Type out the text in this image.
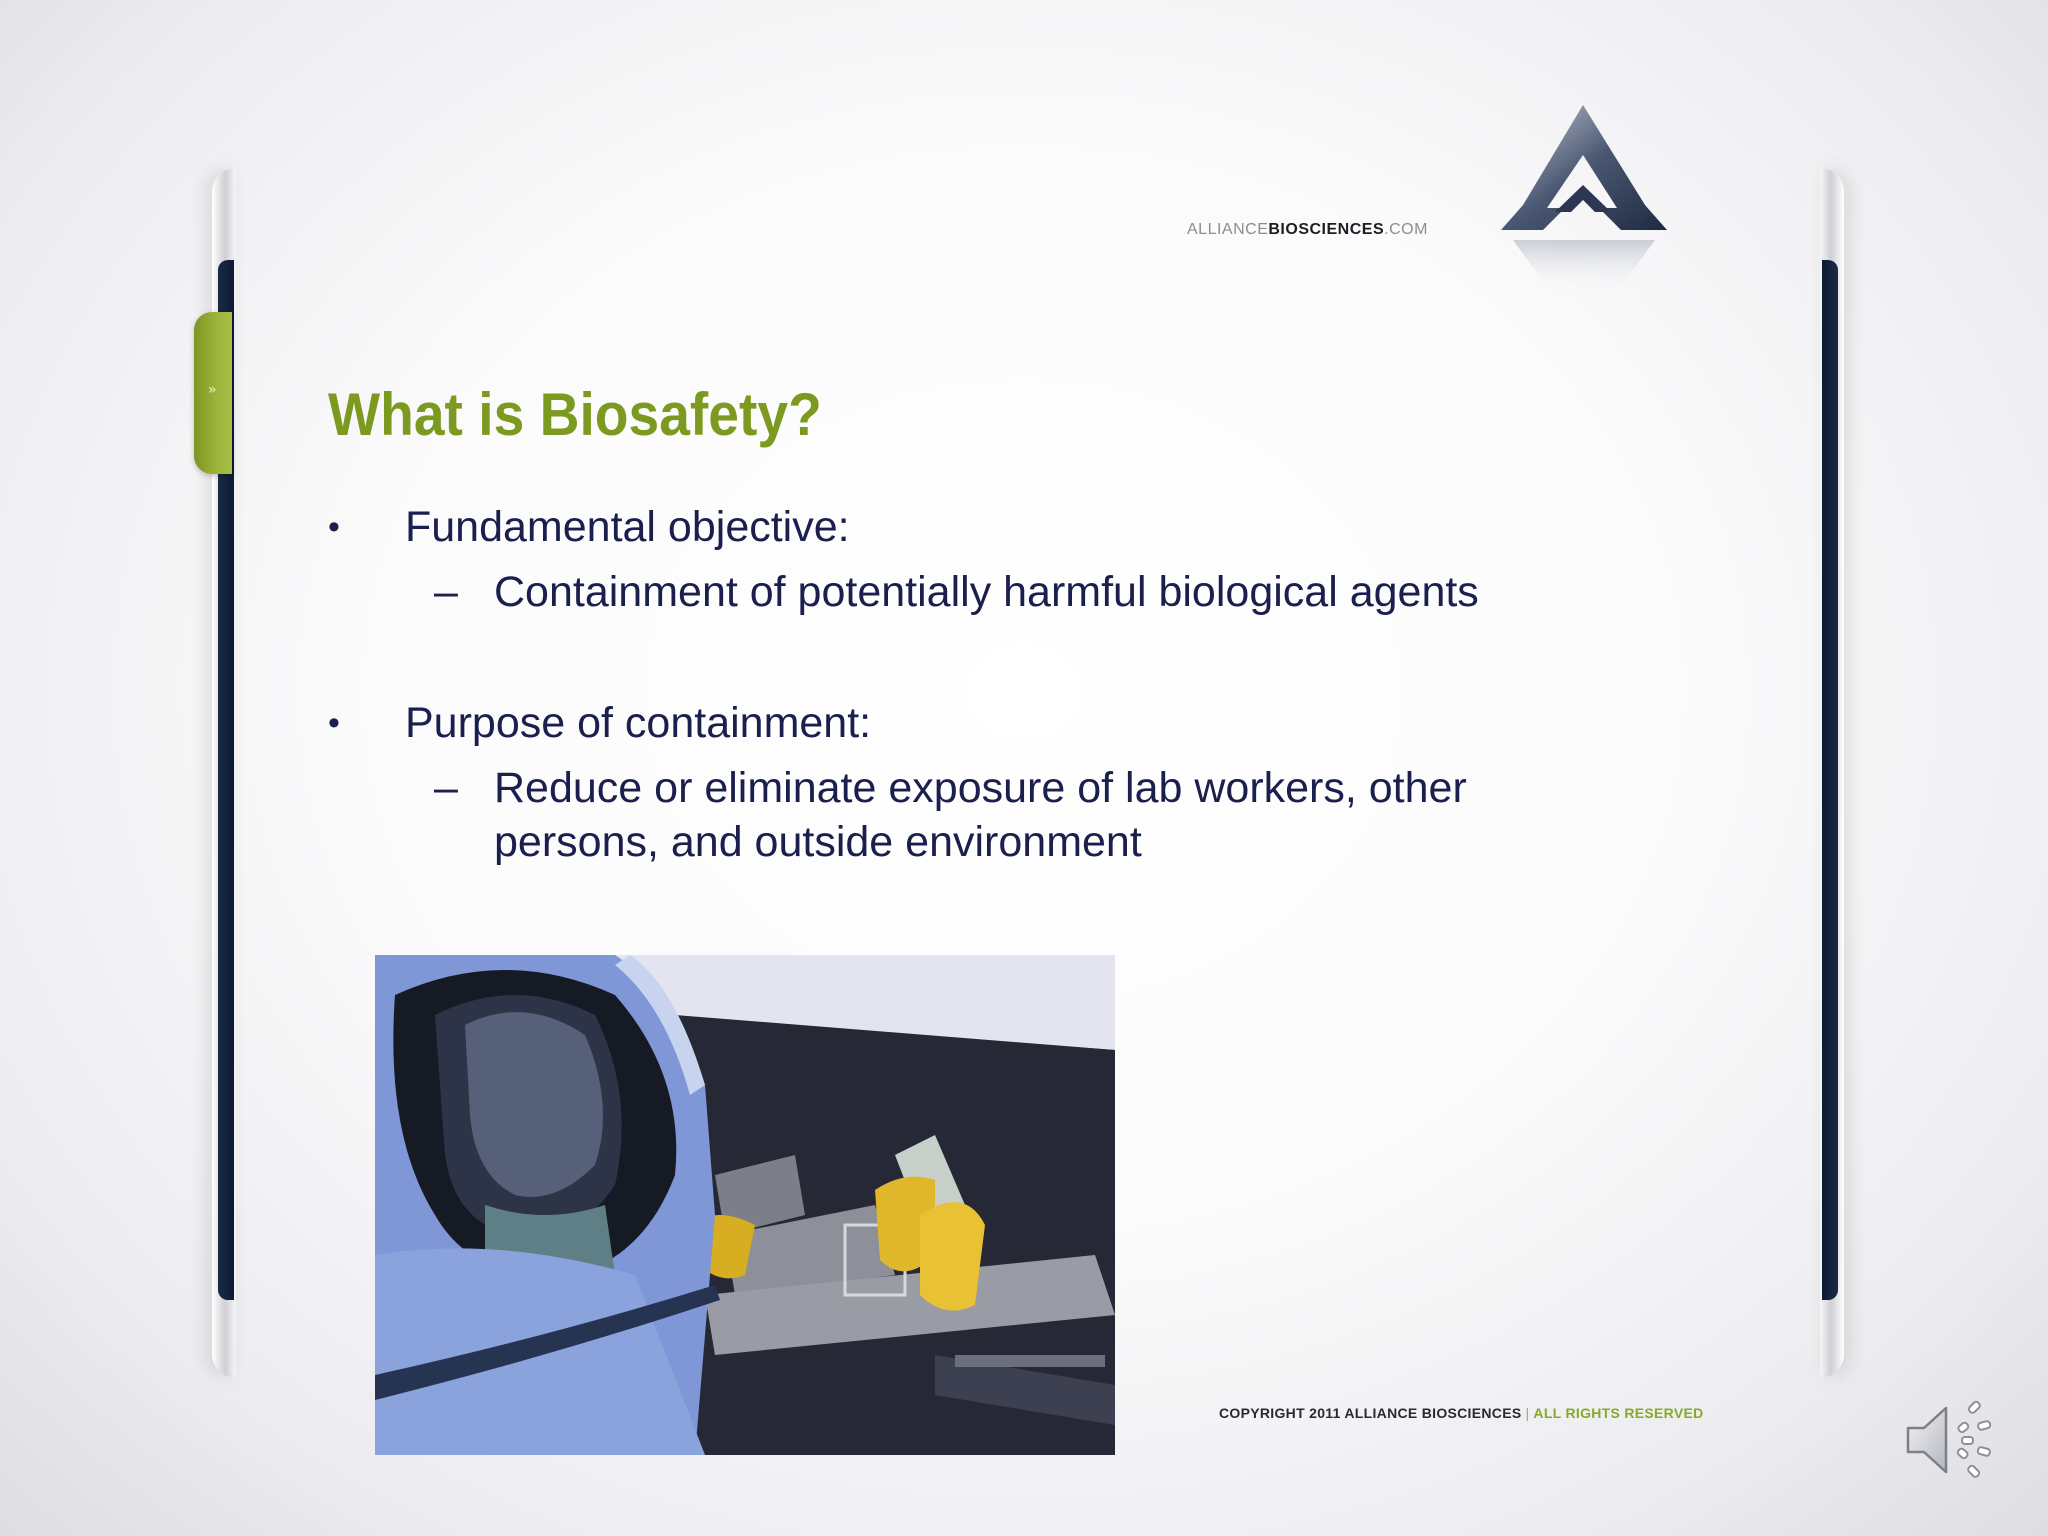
»
ALLIANCEBIOSCIENCES.COM
What is Biosafety?
• Fundamental objective:
– Containment of potentially harmful biological agents
• Purpose of containment:
– Reduce or eliminate exposure of lab workers, other persons, and outside environment
COPYRIGHT 2011 ALLIANCE BIOSCIENCES | ALL RIGHTS RESERVED
